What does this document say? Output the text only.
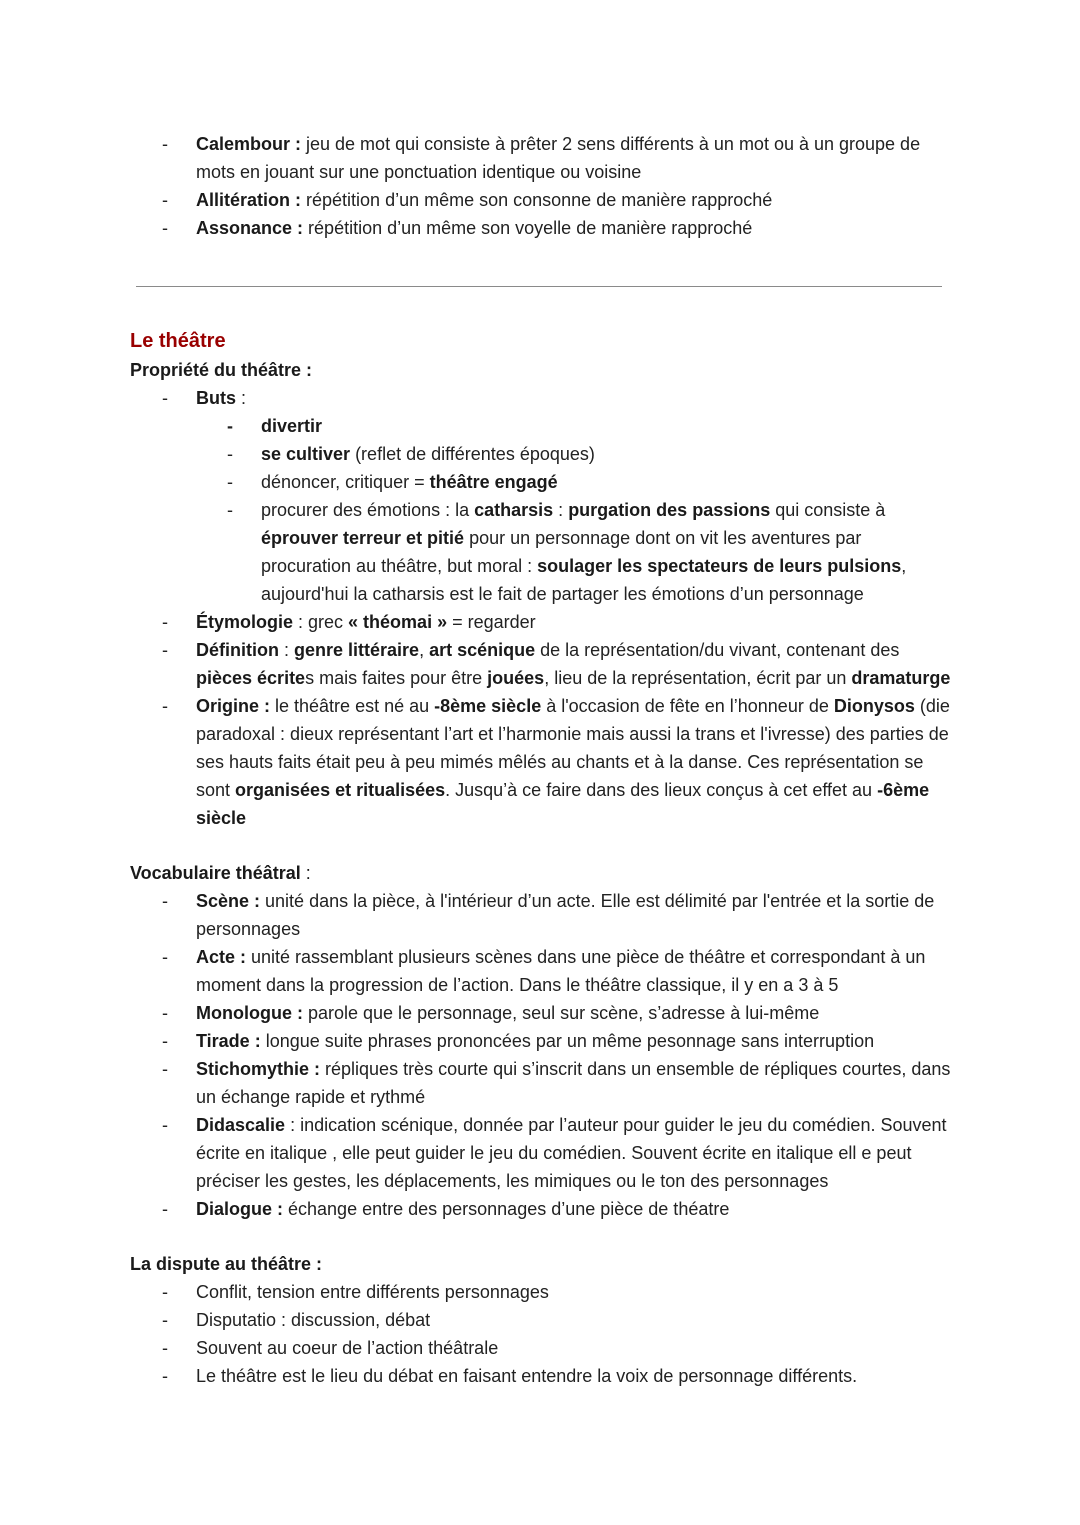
- Calembour : jeu de mot qui consiste à prêter 2 sens différents à un mot ou à un groupe de mots en jouant sur une ponctuation identique ou voisine
- Allitération : répétition d’un même son consonne de manière rapproché
- Assonance : répétition d’un même son voyelle de manière rapproché
Le théâtre
Propriété du théâtre :
- Buts :
- divertir
- se cultiver (reflet de différentes époques)
- dénoncer, critiquer = théâtre engagé
- procurer des émotions : la catharsis : purgation des passions qui consiste à éprouver terreur et pitié pour un personnage dont on vit les aventures par procuration au théâtre, but moral : soulager les spectateurs de leurs pulsions, aujourd'hui la catharsis est le fait de partager les émotions d’un personnage
- Étymologie : grec « théomai » = regarder
- Définition : genre littéraire, art scénique de la représentation/du vivant, contenant des pièces écrites mais faites pour être jouées, lieu de la représentation, écrit par un dramaturge
- Origine : le théâtre est né au -8ème siècle à l'occasion de fête en l’honneur de Dionysos (die paradoxal : dieux représentant l’art et l’harmonie mais aussi la trans et l'ivresse) des parties de ses hauts faits était peu à peu mimés mêlés au chants et à la danse. Ces représentation se sont organisées et ritualisées. Jusqu’à ce faire dans des lieux conçus à cet effet au -6ème siècle
Vocabulaire théâtral :
- Scène : unité dans la pièce, à l'intérieur d’un acte. Elle est délimité par l'entrée et la sortie de personnages
- Acte : unité rassemblant plusieurs scènes dans une pièce de théâtre et correspondant à un moment dans la progression de l’action. Dans le théâtre classique, il y en a 3 à 5
- Monologue : parole que le personnage, seul sur scène, s’adresse à lui-même
- Tirade : longue suite phrases prononcées par un même pesonnage sans interruption
- Stichomythie : répliques très courte qui s’inscrit dans un ensemble de répliques courtes, dans un échange rapide et rythmé
- Didascalie : indication scénique, donnée par l’auteur pour guider le jeu du comédien. Souvent écrite en italique , elle peut guider le jeu du comédien. Souvent écrite en italique ell e peut préciser les gestes, les déplacements, les mimiques ou le ton des personnages
- Dialogue : échange entre des personnages d’une pièce de théatre
La dispute au théâtre :
- Conflit, tension entre différents personnages
- Disputatio : discussion, débat
- Souvent au coeur de l’action théâtrale
- Le théâtre est le lieu du débat en faisant entendre la voix de personnage différents.
